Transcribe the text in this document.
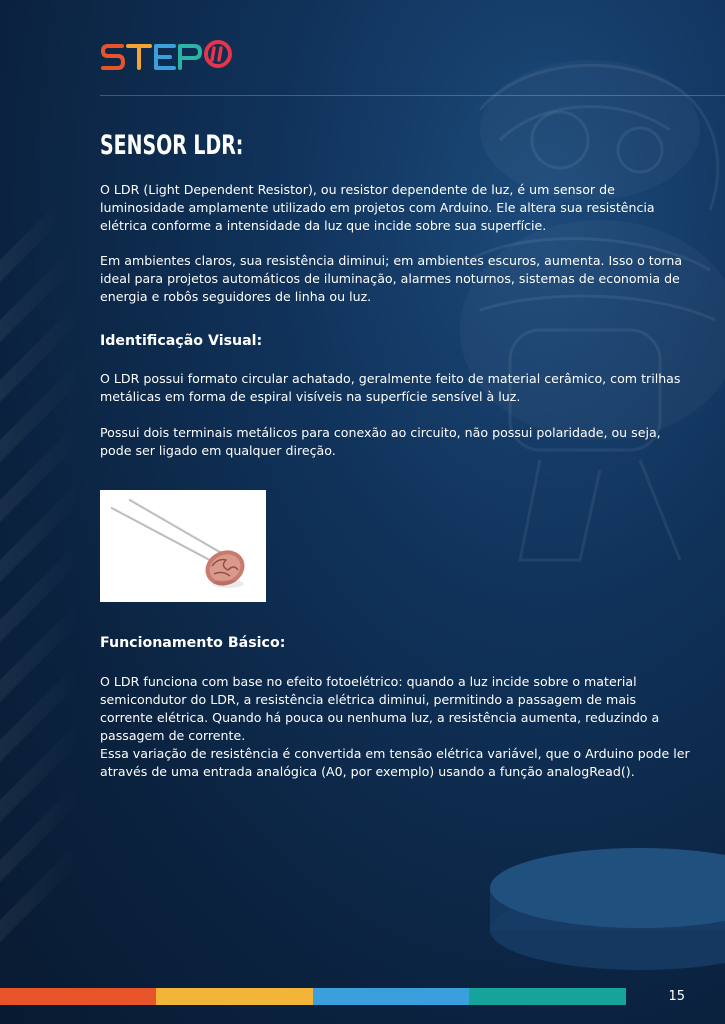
SENSOR LDR:

O LDR (Light Dependent Resistor), ou resistor dependente de luz, é um sensor de luminosidade amplamente utilizado em projetos com Arduino. Ele altera sua resistência elétrica conforme a intensidade da luz que incide sobre sua superfície.

Em ambientes claros, sua resistência diminui; em ambientes escuros, aumenta. Isso o torna ideal para projetos automáticos de iluminação, alarmes noturnos, sistemas de economia de energia e robôs seguidores de linha ou luz.

Identificação Visual:

O LDR possui formato circular achatado, geralmente feito de material cerâmico, com trilhas metálicas em forma de espiral visíveis na superfície sensível à luz.

Possui dois terminais metálicos para conexão ao circuito, não possui polaridade, ou seja, pode ser ligado em qualquer direção.

Funcionamento Básico:

O LDR funciona com base no efeito fotoelétrico: quando a luz incide sobre o material semicondutor do LDR, a resistência elétrica diminui, permitindo a passagem de mais corrente elétrica. Quando há pouca ou nenhuma luz, a resistência aumenta, reduzindo a passagem de corrente.

Essa variação de resistência é convertida em tensão elétrica variável, que o Arduino pode ler através de uma entrada analógica (A0, por exemplo) usando a função analogRead().

15
